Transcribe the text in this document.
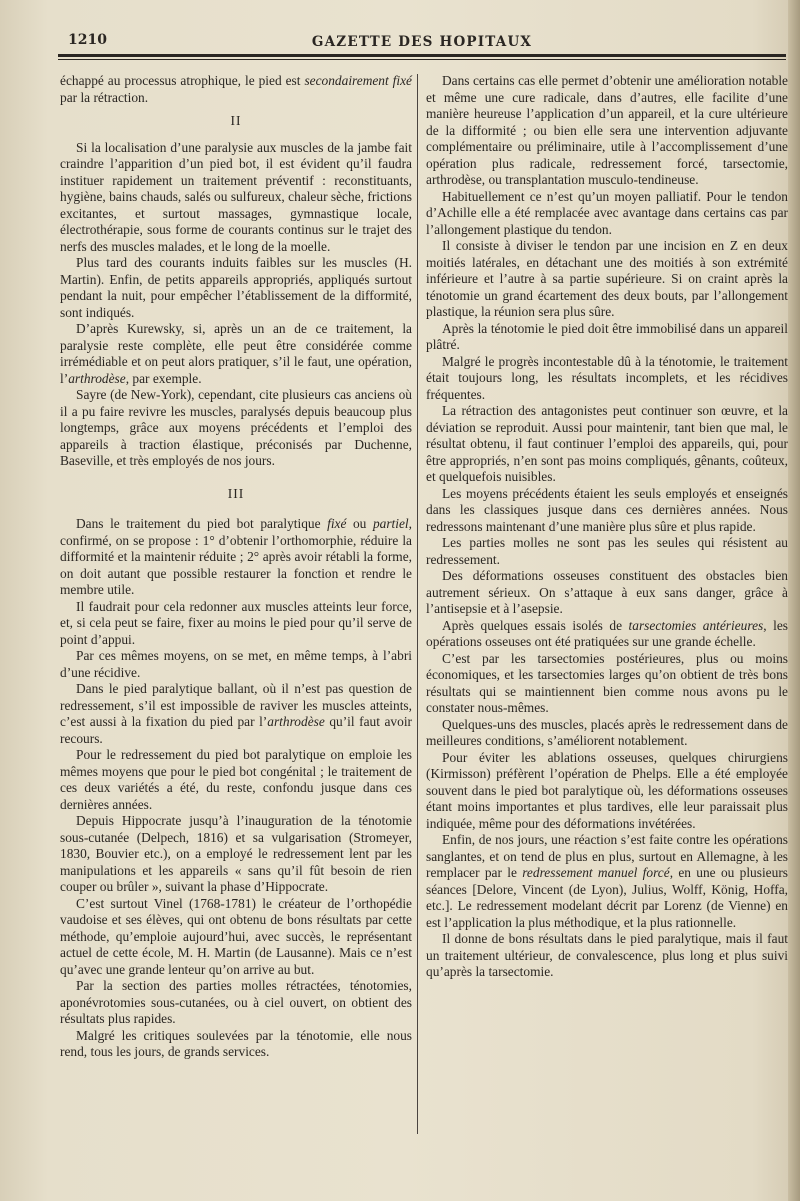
1210	GAZETTE DES HOPITAUX

échappé au processus atrophique, le pied est secondairement fixé par la rétraction.

II

Si la localisation d’une paralysie aux muscles de la jambe fait craindre l’apparition d’un pied bot, il est évident qu’il faudra instituer rapidement un traitement préventif : reconstituants, hygiène, bains chauds, salés ou sulfureux, chaleur sèche, frictions excitantes, et surtout massages, gymnastique locale, électrothérapie, sous forme de courants continus sur le trajet des nerfs des muscles malades, et le long de la moelle.

Plus tard des courants induits faibles sur les muscles (H. Martin). Enfin, de petits appareils appropriés, appliqués surtout pendant la nuit, pour empêcher l’établissement de la difformité, sont indiqués.

D’après Kurewsky, si, après un an de ce traitement, la paralysie reste complète, elle peut être considérée comme irrémédiable et on peut alors pratiquer, s’il le faut, une opération, l’arthrodèse, par exemple.

Sayre (de New-York), cependant, cite plusieurs cas anciens où il a pu faire revivre les muscles, paralysés depuis beaucoup plus longtemps, grâce aux moyens précédents et l’emploi des appareils à traction élastique, préconisés par Duchenne, Baseville, et très employés de nos jours.

III

Dans le traitement du pied bot paralytique fixé ou partiel, confirmé, on se propose : 1° d’obtenir l’orthomorphie, réduire la difformité et la maintenir réduite ; 2° après avoir rétabli la forme, on doit autant que possible restaurer la fonction et rendre le membre utile.

Il faudrait pour cela redonner aux muscles atteints leur force, et, si cela peut se faire, fixer au moins le pied pour qu’il serve de point d’appui.

Par ces mêmes moyens, on se met, en même temps, à l’abri d’une récidive.

Dans le pied paralytique ballant, où il n’est pas question de redressement, s’il est impossible de raviver les muscles atteints, c’est aussi à la fixation du pied par l’arthrodèse qu’il faut avoir recours.

Pour le redressement du pied bot paralytique on emploie les mêmes moyens que pour le pied bot congénital ; le traitement de ces deux variétés a été, du reste, confondu jusque dans ces dernières années.

Depuis Hippocrate jusqu’à l’inauguration de la ténotomie sous-cutanée (Delpech, 1816) et sa vulgarisation (Stromeyer, 1830, Bouvier etc.), on a employé le redressement lent par les manipulations et les appareils « sans qu’il fût besoin de rien couper ou brûler », suivant la phase d’Hippocrate.

C’est surtout Vinel (1768-1781) le créateur de l’orthopédie vaudoise et ses élèves, qui ont obtenu de bons résultats par cette méthode, qu’emploie aujourd’hui, avec succès, le représentant actuel de cette école, M. H. Martin (de Lausanne). Mais ce n’est qu’avec une grande lenteur qu’on arrive au but.

Par la section des parties molles rétractées, ténotomies, aponévrotomies sous-cutanées, ou à ciel ouvert, on obtient des résultats plus rapides.

Malgré les critiques soulevées par la ténotomie, elle nous rend, tous les jours, de grands services.

Dans certains cas elle permet d’obtenir une amélioration notable et même une cure radicale, dans d’autres, elle facilite d’une manière heureuse l’application d’un appareil, et la cure ultérieure de la difformité ; ou bien elle sera une intervention adjuvante complémentaire ou préliminaire, utile à l’accomplissement d’une opération plus radicale, redressement forcé, tarsectomie, arthrodèse, ou transplantation musculo-tendineuse.

Habituellement ce n’est qu’un moyen palliatif. Pour le tendon d’Achille elle a été remplacée avec avantage dans certains cas par l’allongement plastique du tendon.

Il consiste à diviser le tendon par une incision en Z en deux moitiés latérales, en détachant une des moitiés à son extrémité inférieure et l’autre à sa partie supérieure. Si on craint après la ténotomie un grand écartement des deux bouts, par l’allongement plastique, la réunion sera plus sûre.

Après la ténotomie le pied doit être immobilisé dans un appareil plâtré.

Malgré le progrès incontestable dû à la ténotomie, le traitement était toujours long, les résultats incomplets, et les récidives fréquentes.

La rétraction des antagonistes peut continuer son œuvre, et la déviation se reproduit. Aussi pour maintenir, tant bien que mal, le résultat obtenu, il faut continuer l’emploi des appareils, qui, pour être appropriés, n’en sont pas moins compliqués, gênants, coûteux, et quelquefois nuisibles.

Les moyens précédents étaient les seuls employés et enseignés dans les classiques jusque dans ces dernières années. Nous redressons maintenant d’une manière plus sûre et plus rapide.

Les parties molles ne sont pas les seules qui résistent au redressement.

Des déformations osseuses constituent des obstacles bien autrement sérieux. On s’attaque à eux sans danger, grâce à l’antisepsie et à l’asepsie.

Après quelques essais isolés de tarsectomies antérieures, les opérations osseuses ont été pratiquées sur une grande échelle.

C’est par les tarsectomies postérieures, plus ou moins économiques, et les tarsectomies larges qu’on obtient de très bons résultats qui se maintiennent bien comme nous avons pu le constater nous-mêmes.

Quelques-uns des muscles, placés après le redressement dans de meilleures conditions, s’améliorent notablement.

Pour éviter les ablations osseuses, quelques chirurgiens (Kirmisson) préfèrent l’opération de Phelps. Elle a été employée souvent dans le pied bot paralytique où, les déformations osseuses étant moins importantes et plus tardives, elle leur paraissait plus indiquée, même pour des déformations invétérées.

Enfin, de nos jours, une réaction s’est faite contre les opérations sanglantes, et on tend de plus en plus, surtout en Allemagne, à les remplacer par le redressement manuel forcé, en une ou plusieurs séances [Delore, Vincent (de Lyon), Julius, Wolff, König, Hoffa, etc.]. Le redressement modelant décrit par Lorenz (de Vienne) en est l’application la plus méthodique, et la plus rationnelle.

Il donne de bons résultats dans le pied paralytique, mais il faut un traitement ultérieur, de convalescence, plus long et plus suivi qu’après la tarsectomie.
